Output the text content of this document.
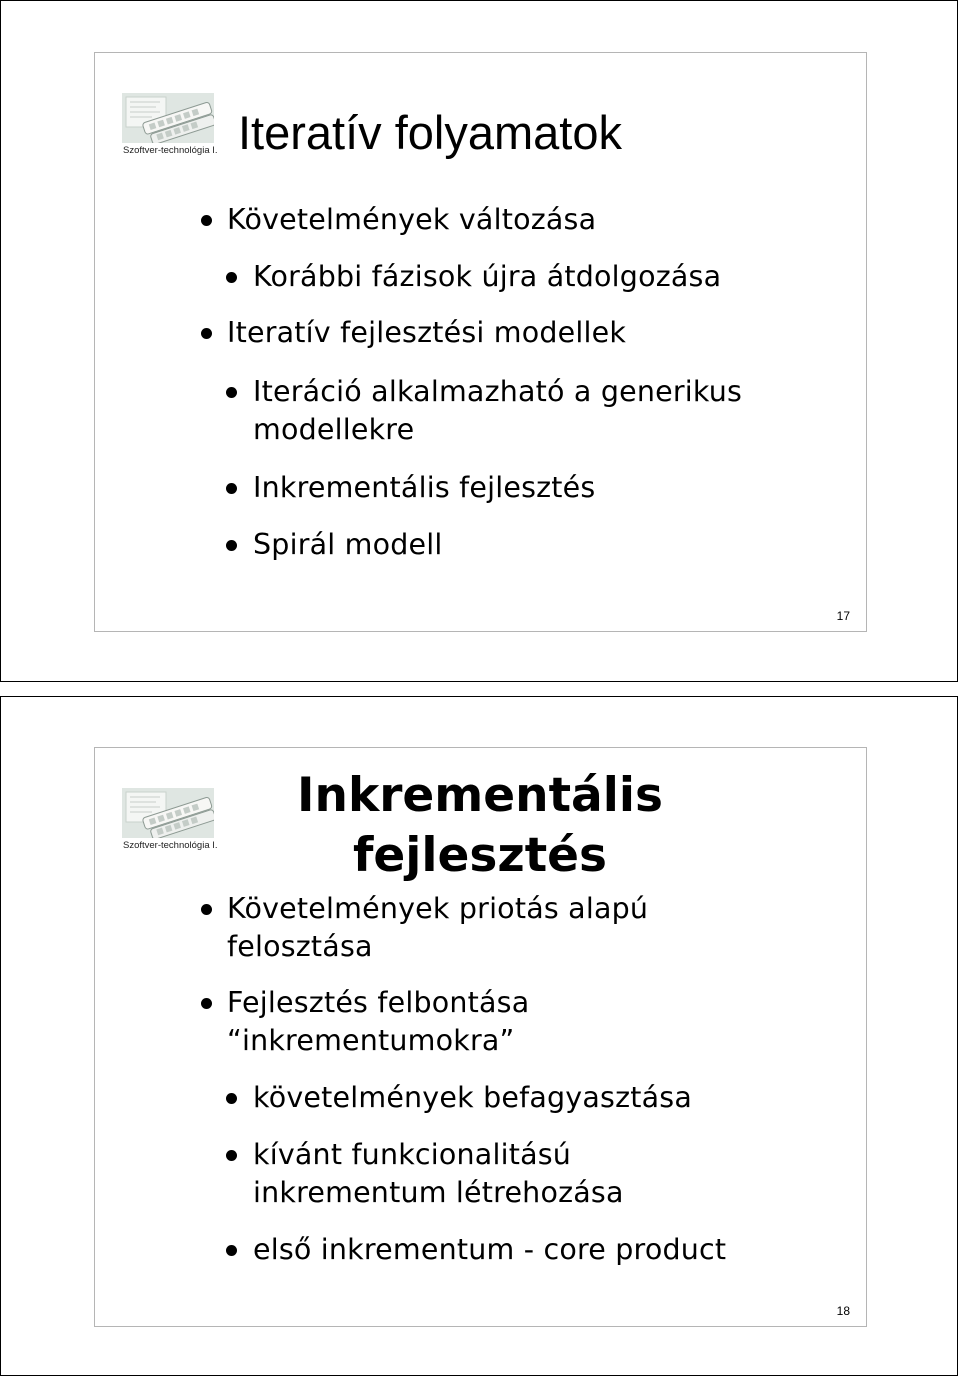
Szoftver-technológia I. Iteratív folyamatok
Követelmények változása
Korábbi fázisok újra átdolgozása
Iteratív fejlesztési modellek
Iteráció alkalmazható a generikus
modellekre
Inkrementális fejlesztés
Spirál modell
17
Szoftver-technológia I.
Inkrementális
fejlesztés
Követelmények priotás alapú
felosztása
Fejlesztés felbontása
“inkrementumokra”
követelmények befagyasztása
kívánt funkcionalitású
inkrementum létrehozása
első inkrementum - core product
18
